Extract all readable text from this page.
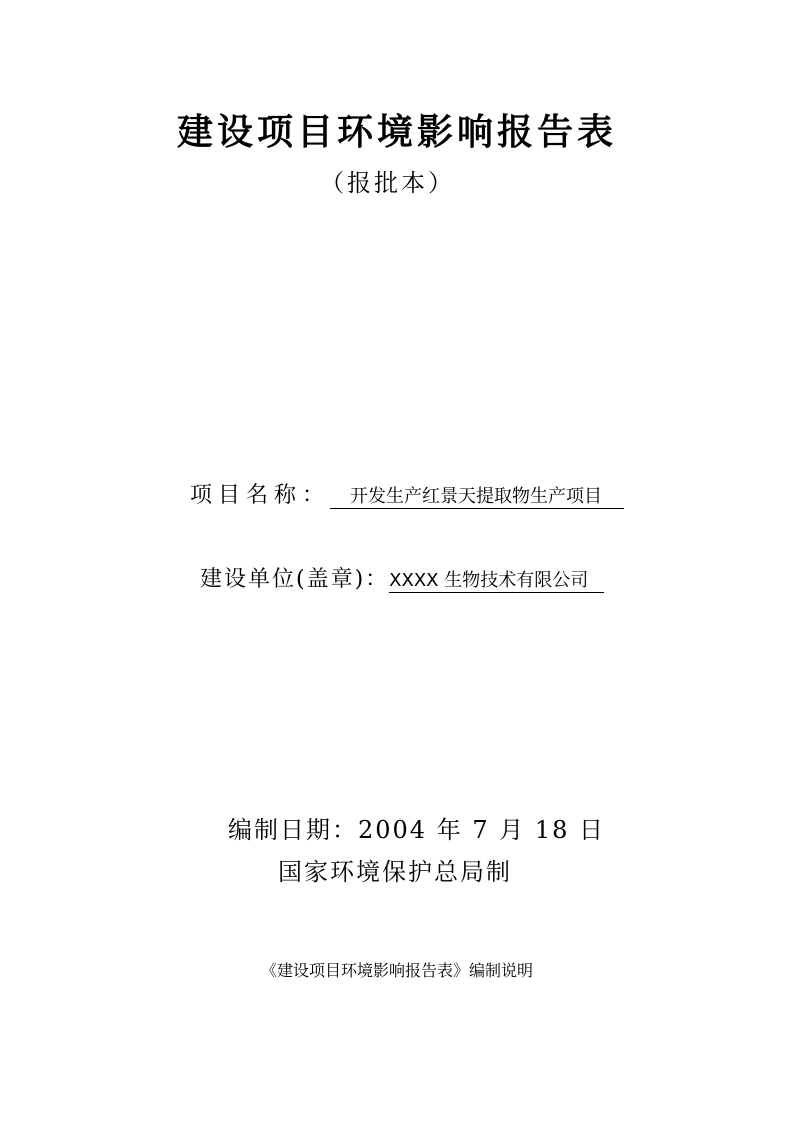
建设项目环境影响报告表
（报批本）
项目名称： 开发生产红景天提取物生产项目
建设单位(盖章)：XXXX 生物技术有限公司
编制日期：2004 年 7 月 18 日
国家环境保护总局制
《建设项目环境影响报告表》编制说明
